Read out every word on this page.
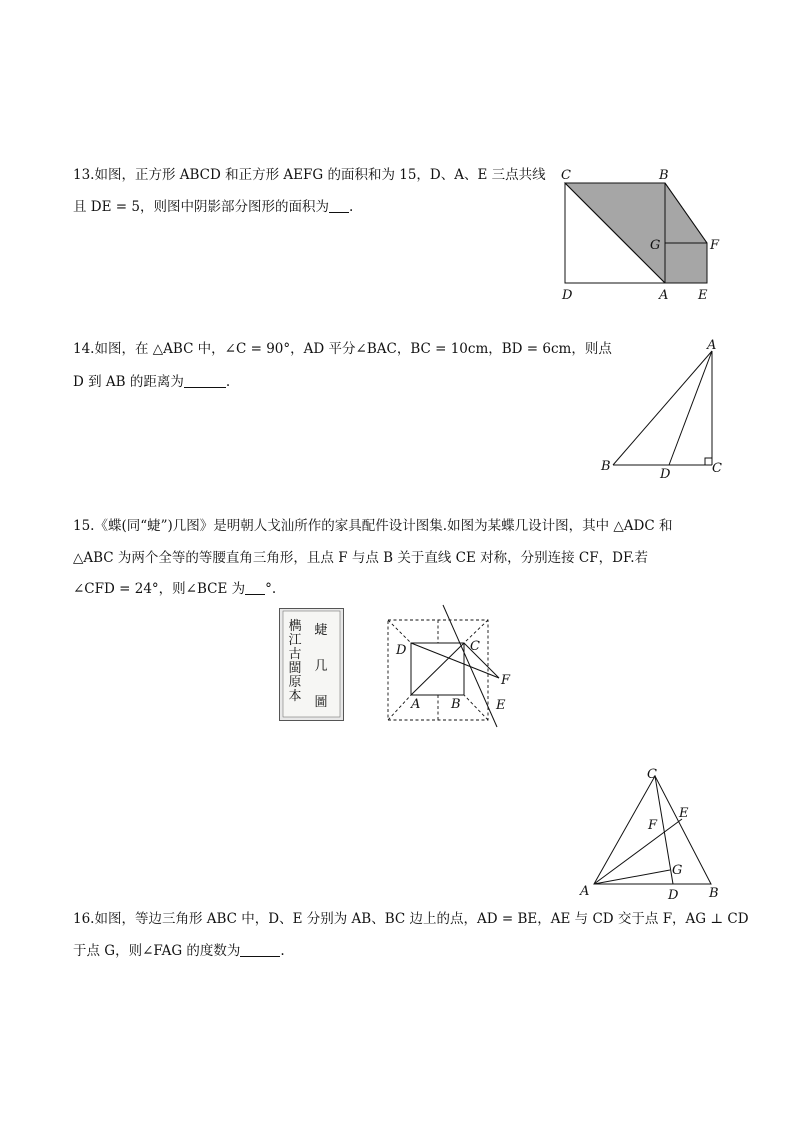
13.如图，正方形 ABCD 和正方形 AEFG 的面积和为 15，D、A、E 三点共线
且 DE = 5，则图中阴影部分图形的面积为 .
C	B
G	F
D	A E
14.如图，在 △ABC 中，∠C = 90°，AD 平分∠BAC，BC = 10cm，BD = 6cm，则点
D 到 AB 的距离为	.
A
B
D	C
15.《蝶(同“蜨”)几图》是明朝人戈汕所作的家具配件设计图集.如图为某蝶几设计图，其中 △ADC 和
△ABC 为两个全等的等腰直角三角形，且点 F 与点 B 关于直线 CE 对称，分别连接 CF，DF.若
∠CFD = 24°，则∠BCE 为 °.
蜨
几
圖
檇
江
古
閩
原
本
D	C
F
A B	E
C
E
F
G
A	D B
16.如图，等边三角形 ABC 中，D、E 分别为 AB、BC 边上的点，AD = BE，AE 与 CD 交于点 F，AG ⊥ CD
于点 G，则∠FAG 的度数为	.
